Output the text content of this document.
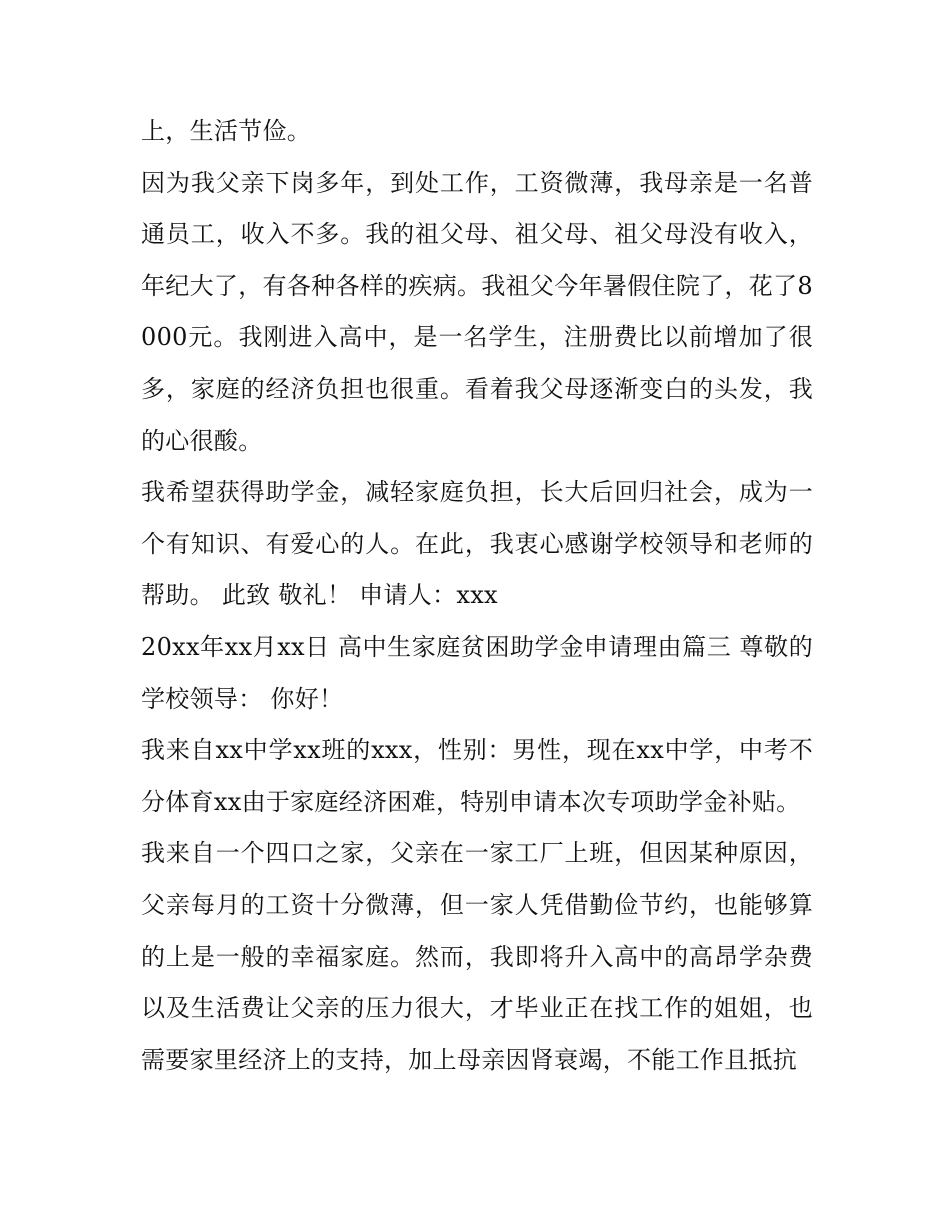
上，生活节俭。

因为我父亲下岗多年，到处工作，工资微薄，我母亲是一名普通员工，收入不多。我的祖父母、祖父母、祖父母没有收入，年纪大了，有各种各样的疾病。我祖父今年暑假住院了，花了8000元。我刚进入高中，是一名学生，注册费比以前增加了很多，家庭的经济负担也很重。看着我父母逐渐变白的头发，我的心很酸。

我希望获得助学金，减轻家庭负担，长大后回归社会，成为一个有知识、有爱心的人。在此，我衷心感谢学校领导和老师的帮助。 此致 敬礼！ 申请人：xxx

20xx年xx月xx日 高中生家庭贫困助学金申请理由篇三 尊敬的学校领导： 你好！

我来自xx中学xx班的xxx，性别：男性，现在xx中学，中考不分体育xx由于家庭经济困难，特别申请本次专项助学金补贴。

我来自一个四口之家，父亲在一家工厂上班，但因某种原因，父亲每月的工资十分微薄，但一家人凭借勤俭节约，也能够算的上是一般的幸福家庭。然而，我即将升入高中的高昂学杂费以及生活费让父亲的压力很大，才毕业正在找工作的姐姐，也需要家里经济上的支持，加上母亲因肾衰竭，不能工作且抵抗
